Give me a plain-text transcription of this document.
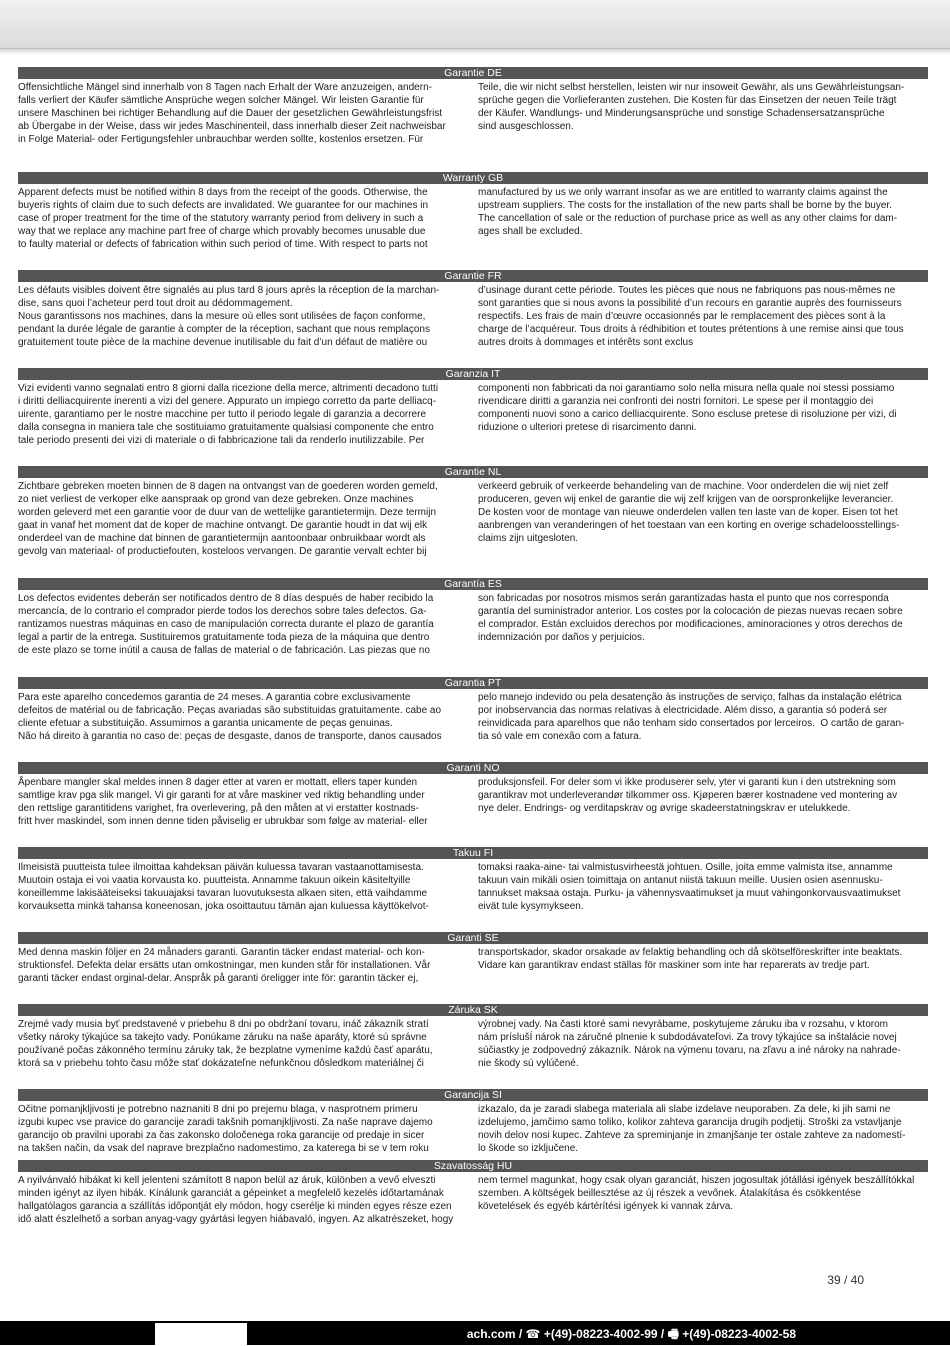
Garantie DE
Offensichtliche Mängel sind innerhalb von 8 Tagen nach Erhalt der Ware anzuzeigen, andern-
falls verliert der Käufer sämtliche Ansprüche wegen solcher Mängel. Wir leisten Garantie für
unsere Maschinen bei richtiger Behandlung auf die Dauer der gesetzlichen Gewährleistungsfrist
ab Übergabe in der Weise, dass wir jedes Maschinenteil, dass innerhalb dieser Zeit nachweisbar
in Folge Material- oder Fertigungsfehler unbrauchbar werden sollte, kostenlos ersetzen. Für
Teile, die wir nicht selbst herstellen, leisten wir nur insoweit Gewähr, als uns Gewährleistungsan-
sprüche gegen die Vorlieferanten zustehen. Die Kosten für das Einsetzen der neuen Teile trägt
der Käufer. Wandlungs- und Minderungsansprüche und sonstige Schadensersatzansprüche
sind ausgeschlossen.
Warranty GB
Apparent defects must be notified within 8 days from the receipt of the goods. Otherwise, the
buyeris rights of claim due to such defects are invalidated. We guarantee for our machines in
case of proper treatment for the time of the statutory warranty period from delivery in such a
way that we replace any machine part free of charge which provably becomes unusable due
to faulty material or defects of fabrication within such period of time. With respect to parts not
manufactured by us we only warrant insofar as we are entitled to warranty claims against the
upstream suppliers. The costs for the installation of the new parts shall be borne by the buyer.
The cancellation of sale or the reduction of purchase price as well as any other claims for dam-
ages shall be excluded.
Garantie FR
Les défauts visibles doivent être signalés au plus tard 8 jours après la réception de la marchan-
dise, sans quoi l’acheteur perd tout droit au dédommagement.
Nous garantissons nos machines, dans la mesure où elles sont utilisées de façon conforme,
pendant la durée légale de garantie à compter de la réception, sachant que nous remplaçons
gratuitement toute pièce de la machine devenue inutilisable du fait d’un défaut de matière ou
d’usinage durant cette période. Toutes les pièces que nous ne fabriquons pas nous-mêmes ne
sont garanties que si nous avons la possibilité d’un recours en garantie auprès des fournisseurs
respectifs. Les frais de main d’œuvre occasionnés par le remplacement des pièces sont à la
charge de l’acquéreur. Tous droits à rédhibition et toutes prétentions à une remise ainsi que tous
autres droits à dommages et intérêts sont exclus
Garanzia IT
Vizi evidenti vanno segnalati entro 8 giorni dalla ricezione della merce, altrimenti decadono tutti
i diritti delliacquirente inerenti a vizi del genere. Appurato un impiego corretto da parte delliacq-
uirente, garantiamo per le nostre macchine per tutto il periodo legale di garanzia a decorrere
dalla consegna in maniera tale che sostituiamo gratuitamente qualsiasi componente che entro
tale periodo presenti dei vizi di materiale o di fabbricazione tali da renderlo inutilizzabile. Per
componenti non fabbricati da noi garantiamo solo nella misura nella quale noi stessi possiamo
rivendicare diritti a garanzia nei confronti dei nostri fornitori. Le spese per il montaggio dei
componenti nuovi sono a carico delliacquirente. Sono escluse pretese di risoluzione per vizi, di
riduzione o ulteriori pretese di risarcimento danni.
Garantie NL
Zichtbare gebreken moeten binnen de 8 dagen na ontvangst van de goederen worden gemeld,
zo niet verliest de verkoper elke aanspraak op grond van deze gebreken. Onze machines
worden geleverd met een garantie voor de duur van de wettelijke garantietermijn. Deze termijn
gaat in vanaf het moment dat de koper de machine ontvangt. De garantie houdt in dat wij elk
onderdeel van de machine dat binnen de garantietermijn aantoonbaar onbruikbaar wordt als
gevolg van materiaal- of productiefouten, kosteloos vervangen. De garantie vervalt echter bij
verkeerd gebruik of verkeerde behandeling van de machine. Voor onderdelen die wij niet zelf
produceren, geven wij enkel de garantie die wij zelf krijgen van de oorspronkelijke leverancier.
De kosten voor de montage van nieuwe onderdelen vallen ten laste van de koper. Eisen tot het
aanbrengen van veranderingen of het toestaan van een korting en overige schadeloosstellings-
claims zijn uitgesloten.
Garantía ES
Los defectos evidentes deberán ser notificados dentro de 8 días después de haber recibido la
mercancía, de lo contrario el comprador pierde todos los derechos sobre tales defectos. Ga-
rantizamos nuestras máquinas en caso de manipulación correcta durante el plazo de garantía
legal a partir de la entrega. Sustituiremos gratuitamente toda pieza de la máquina que dentro
de este plazo se torne inútil a causa de fallas de material o de fabricación. Las piezas que no
son fabricadas por nosotros mismos serán garantizadas hasta el punto que nos corresponda
garantía del suministrador anterior. Los costes por la colocación de piezas nuevas recaen sobre
el comprador. Están excluidos derechos por modificaciones, aminoraciones y otros derechos de
indemnización por daños y perjuicios.
Garantia PT
Para este aparelho concedemos garantia de 24 meses. A garantia cobre exclusivamente
defeitos de matérial ou de fabricação. Peças avariadas são substituidas gratuitamente. cabe ao
cliente efetuar a substituição. Assumimos a garantia unicamente de peças genuinas.
Não há direito à garantia no caso de: peças de desgaste, danos de transporte, danos causados
pelo manejo indevido ou pela desatenção às instruções de serviço, falhas da instalação elétrica
por inobservancia das normas relativas à electricidade. Além disso, a garantia só poderá ser
reinvidicada para aparelhos que não tenham sido consertados por lerceiros.  O cartão de garan-
tia só vale em conexão com a fatura.
Garanti NO
Åpenbare mangler skal meldes innen 8 dager etter at varen er mottatt, ellers taper kunden
samtlige krav pga slik mangel. Vi gir garanti for at våre maskiner ved riktig behandling under
den rettslige garantitidens varighet, fra overlevering, på den måten at vi erstatter kostnads-
fritt hver maskindel, som innen denne tiden påviselig er ubrukbar som følge av material- eller
produksjonsfeil. For deler som vi ikke produserer selv, yter vi garanti kun i den utstrekning som
garantikrav mot underleverandør tilkommer oss. Kjøperen bærer kostnadene ved montering av
nye deler. Endrings- og verditapskrav og øvrige skadeerstatningskrav er utelukkede.
Takuu FI
Ilmeisistä puutteista tulee ilmoittaa kahdeksan päivän kuluessa tavaran vastaanottamisesta.
Muutoin ostaja ei voi vaatia korvausta ko. puutteista. Annamme takuun oikein käsiteltyille
koneillemme lakisääteiseksi takuuajaksi tavaran luovutuksesta alkaen siten, että vaihdamme
korvauksetta minkä tahansa koneenosan, joka osoittautuu tämän ajan kuluessa käyttökelvot-
tomaksi raaka-aine- tai valmistusvirheestä johtuen. Osille, joita emme valmista itse, annamme
takuun vain mikäli osien toimittaja on antanut niistä takuun meille. Uusien osien asennusku-
tannukset maksaa ostaja. Purku- ja vähennysvaatimukset ja muut vahingonkorvausvaatimukset
eivät tule kysymykseen.
Garanti SE
Med denna maskin följer en 24 månaders garanti. Garantin täcker endast material- och kon-
struktionsfel. Defekta delar ersätts utan omkostningar, men kunden står för installationen. Vår
garanti täcker endast orginal-delar. Anspråk på garanti öreligger inte för: garantin täcker ej,
transportskador, skador orsakade av felaktig behandling och då skötselföreskrifter inte beaktats.
Vidare kan garantikrav endast ställas för maskiner som inte har reparerats av tredje part.
Záruka SK
Zrejmé vady musia byť predstavené v priebehu 8 dni po obdržaní tovaru, ináč zákazník stratí
všetky nároky týkajúce sa takejto vady. Ponúkame záruku na naše aparáty, ktoré sú správne
používané počas zákonného termínu záruky tak, že bezplatne vymeníme každú časť aparátu,
ktorá sa v priebehu tohto času môže stať dokázateľne nefunkčnou dôsledkom materiálnej či
výrobnej vady. Na časti ktoré sami nevyrábame, poskytujeme záruku iba v rozsahu, v ktorom
nám príslušÍ nárok na záručné plnenie k subdodávateľovi. Za trovy týkajúce sa inštalácie novej
súčiastky je zodpovedný zákazník. Nárok na výmenu tovaru, na zľavu a iné nároky na nahrade-
nie škody sú vylúčené.
Garancija SI
Očitne pomanjkljivosti je potrebno naznaniti 8 dni po prejemu blaga, v nasprotnem primeru
izgubi kupec vse pravice do garancije zaradi takšnih pomanjkljivosti. Za naše naprave dajemo
garancijo ob pravilni uporabi za čas zakonsko določenega roka garancije od predaje in sicer
na takšen način, da vsak del naprave brezplačno nadomestimo, za katerega bi se v tem roku
izkazalo, da je zaradi slabega materiala ali slabe izdelave neuporaben. Za dele, ki jih sami ne
izdelujemo, jamčimo samo toliko, kolikor zahteva garancija drugih podjetij. Stroški za vstavljanje
novih delov nosi kupec. Zahteve za spreminjanje in zmanjšanje ter ostale zahteve za nadomestí-
lo škode so izključene.
Szavatosság HU
A nyilvánvaló hibákat ki kell jelenteni számított 8 napon belül az áruk, különben a vevő elveszti
minden igényt az ilyen hibák. Kínálunk garanciát a gépeinket a megfelelő kezelés időtartamának
hallgatólagos garancia a szállítás időpontját ely módon, hogy cserélje ki minden egyes része ezen
idő alatt észlelhető a sorban anyag-vagy gyártási legyen hiábavaló, ingyen. Az alkatrészeket, hogy
nem termel magunkat, hogy csak olyan garanciát, hiszen jogosultak jótállási igények beszállítókkal
szemben. A költségek beillesztése az új részek a vevőnek. Átalakítása és csökkentése
követelések és egyéb kártérítési igények ki vannak zárva.
39 / 40
ach.com / ☎ +(49)-08223-4002-99 / 🖷 +(49)-08223-4002-58
